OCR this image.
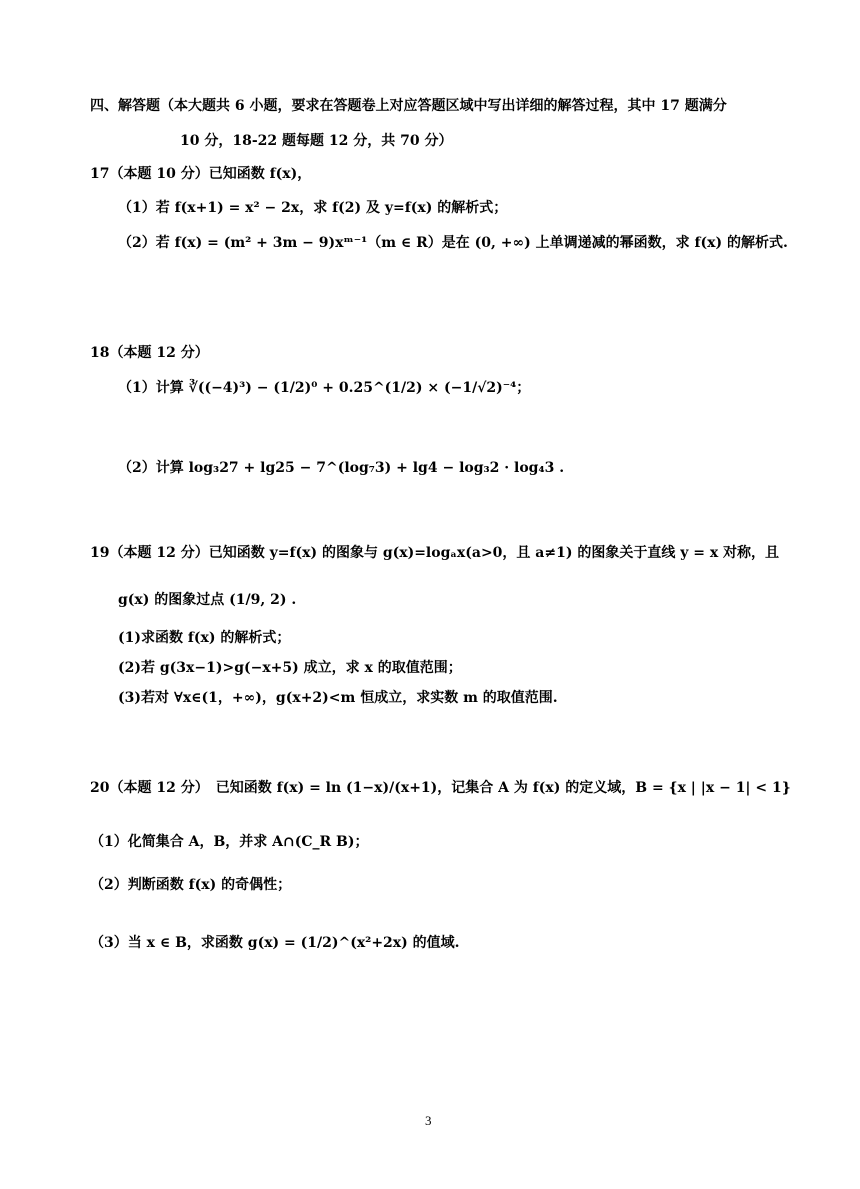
四、解答题（本大题共 6 小题，要求在答题卷上对应答题区域中写出详细的解答过程，其中 17 题满分
10 分，18-22 题每题 12 分，共 70 分）
17（本题 10 分）已知函数 f(x)，
（1）若 f(x+1) = x² − 2x，求 f(2) 及 y=f(x) 的解析式；
（2）若 f(x) = (m² + 3m − 9)xᵐ⁻¹（m ∈ R）是在 (0, +∞) 上单调递减的幂函数，求 f(x) 的解析式.
18（本题 12 分）
（1）计算 ∛((−4)³) − (1/2)⁰ + 0.25^(1/2) × (−1/√2)⁻⁴；
（2）计算 log₃27 + lg25 − 7^(log₇3) + lg4 − log₃2 · log₄3 .
19（本题 12 分）已知函数 y=f(x) 的图象与 g(x)=logₐx(a>0，且 a≠1) 的图象关于直线 y = x 对称，且
g(x) 的图象过点 (1/9, 2) .
(1)求函数 f(x) 的解析式；
(2)若 g(3x−1)>g(−x+5) 成立，求 x 的取值范围；
(3)若对 ∀x∈(1，+∞)，g(x+2)<m 恒成立，求实数 m 的取值范围.
20（本题 12 分）　已知函数 f(x) = ln (1−x)/(x+1)，记集合 A 为 f(x) 的定义域，B = {x | |x − 1| < 1}
（1）化简集合 A，B，并求 A∩(C_R B)；
（2）判断函数 f(x) 的奇偶性；
（3）当 x ∈ B，求函数 g(x) = (1/2)^(x²+2x) 的值域.
3
